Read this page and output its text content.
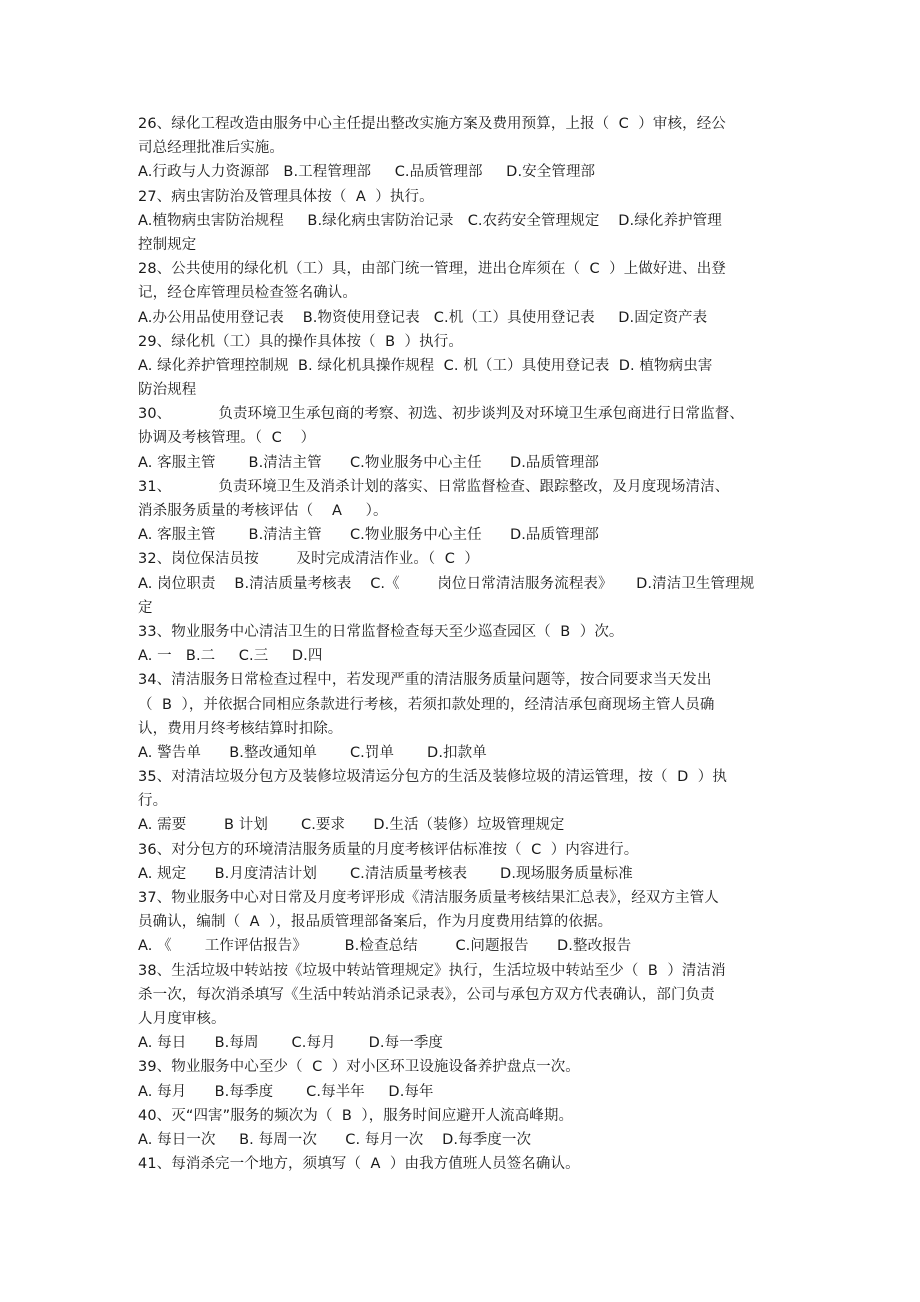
26、绿化工程改造由服务中心主任提出整改实施方案及费用预算，上报（  C  ）审核，经公
司总经理批准后实施。
A.行政与人力资源部   B.工程管理部     C.品质管理部     D.安全管理部
27、病虫害防治及管理具体按（  A  ）执行。
A.植物病虫害防治规程     B.绿化病虫害防治记录   C.农药安全管理规定    D.绿化养护管理
控制规定
28、公共使用的绿化机（工）具，由部门统一管理，进出仓库须在（  C  ）上做好进、出登
记，经仓库管理员检查签名确认。
A.办公用品使用登记表    B.物资使用登记表   C.机（工）具使用登记表     D.固定资产表
29、绿化机（工）具的操作具体按（  B  ）执行。
A. 绿化养护管理控制规  B. 绿化机具操作规程  C. 机（工）具使用登记表  D. 植物病虫害
防治规程
30、          负责环境卫生承包商的考察、初选、初步谈判及对环境卫生承包商进行日常监督、
协调及考核管理。（  C    ）
A. 客服主管       B.清洁主管      C.物业服务中心主任      D.品质管理部
31、          负责环境卫生及消杀计划的落实、日常监督检查、跟踪整改，及月度现场清洁、
消杀服务质量的考核评估（    A     ）。
A. 客服主管       B.清洁主管      C.物业服务中心主任      D.品质管理部
32、岗位保洁员按        及时完成清洁作业。（  C  ）
A. 岗位职责    B.清洁质量考核表    C.《        岗位日常清洁服务流程表》     D.清洁卫生管理规
定
33、物业服务中心清洁卫生的日常监督检查每天至少巡查园区（  B  ）次。
A. 一   B.二     C.三     D.四
34、清洁服务日常检查过程中，若发现严重的清洁服务质量问题等，按合同要求当天发出
（  B  ），并依据合同相应条款进行考核，若须扣款处理的，经清洁承包商现场主管人员确
认，费用月终考核结算时扣除。
A. 警告单      B.整改通知单       C.罚单       D.扣款单
35、对清洁垃圾分包方及装修垃圾清运分包方的生活及装修垃圾的清运管理，按（  D  ）执
行。
A. 需要        B 计划       C.要求      D.生活（装修）垃圾管理规定
36、对分包方的环境清洁服务质量的月度考核评估标准按（  C  ）内容进行。
A. 规定      B.月度清洁计划       C.清洁质量考核表       D.现场服务质量标准
37、物业服务中心对日常及月度考评形成《清洁服务质量考核结果汇总表》，经双方主管人
员确认，编制（  A  ），报品质管理部备案后，作为月度费用结算的依据。
A. 《       工作评估报告》        B.检查总结        C.问题报告      D.整改报告
38、生活垃圾中转站按《垃圾中转站管理规定》执行，生活垃圾中转站至少（  B  ）清洁消
杀一次，每次消杀填写《生活中转站消杀记录表》，公司与承包方双方代表确认，部门负责
人月度审核。
A. 每日      B.每周       C.每月       D.每一季度
39、物业服务中心至少（  C  ）对小区环卫设施设备养护盘点一次。
A. 每月      B.每季度       C.每半年     D.每年
40、灭“四害”服务的频次为（  B  ），服务时间应避开人流高峰期。
A. 每日一次     B. 每周一次      C. 每月一次    D.每季度一次
41、每消杀完一个地方，须填写（  A  ）由我方值班人员签名确认。
